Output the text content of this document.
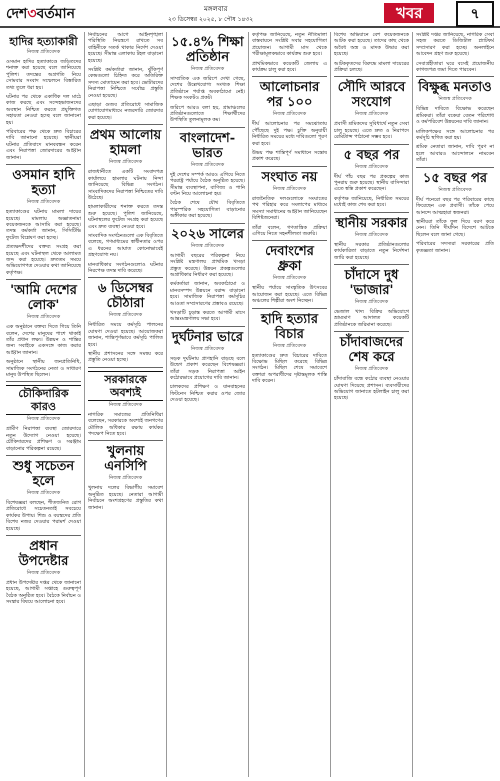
দেশ৩বর্তমান	মঙ্গলবার
২৩ ডিসেম্বর ২০২৫, ৮ পৌষ ১৪৩২	খবর	৭
হাদির হত্যাকারী
নিজস্ব প্রতিবেদক

ওসমান হাদির হত্যাকাণ্ডে জড়িতদের শনাক্ত করা হয়েছে বলে জানিয়েছে পুলিশ। তদন্তের অগ্রগতি নিয়ে সোমবার সংবাদ সম্মেলনে বিস্তারিত তথ্য তুলে ধরা হয়।

ঘটনার পর থেকে একাধিক দল মাঠে কাজ করছে এবং সন্দেহভাজনদের অবস্থান নিশ্চিত করতে প্রযুক্তিগত সহায়তা নেওয়া হচ্ছে বলে জানানো হয়।

পরিবারের পক্ষ থেকে দ্রুত বিচারের দাবি জানানো হয়েছে। স্থানীয়রা ঘটনার প্রতিবাদে মানববন্ধন করেন এবং নিরাপত্তা জোরদারের আহ্বান জানান।

ওসমান হাদি হত্যা
নিজস্ব প্রতিবেদক

হত্যাকাণ্ডের ঘটনায় মামলা দায়ের হয়েছে। মামলায় অজ্ঞাতনামা কয়েকজনকে আসামি করা হয়েছে। তদন্ত কর্মকর্তা জানান, সিসিটিভি ফুটেজ বিশ্লেষণ করা হচ্ছে।

প্রত্যক্ষদর্শীদের বক্তব্য সংগ্রহ করা হয়েছে এবং ঘটনাস্থল থেকে আলামত জব্দ করা হয়েছে। দ্রুততম সময়ে অভিযোগপত্র দেওয়ার কথা জানিয়েছে কর্তৃপক্ষ।

'আমি দেশের লোক'
নিজস্ব প্রতিবেদক

এক অনুষ্ঠানে বক্তব্য দিতে গিয়ে তিনি বলেন, দেশের মানুষের পাশে থাকাই তাঁর প্রধান লক্ষ্য। উন্নয়ন ও শান্তির জন্য সবাইকে একসঙ্গে কাজ করার আহ্বান জানান।

অনুষ্ঠানে স্থানীয় জনপ্রতিনিধি, সামাজিক সংগঠনের নেতা ও সাধারণ মানুষ উপস্থিত ছিলেন।

চৌকিদারিক কারও
নিজস্ব প্রতিবেদক

গ্রামীণ নিরাপত্তা ব্যবস্থা জোরদারে নতুন উদ্যোগ নেওয়া হয়েছে। চৌকিদারদের প্রশিক্ষণ ও সরঞ্জাম বাড়ানোর পরিকল্পনা রয়েছে।

শুধু সচেতন হলে
নিজস্ব প্রতিবেদক

বিশেষজ্ঞরা বলছেন, শীতজনিত রোগ প্রতিরোধে সচেতনতাই সবচেয়ে কার্যকর উপায়। শিশু ও বয়স্কদের প্রতি বিশেষ নজর দেওয়ার পরামর্শ দেওয়া হয়েছে।

প্রধান উপদেষ্টার
নিজস্ব প্রতিবেদক

প্রধান উপদেষ্টার দপ্তর থেকে জানানো হয়েছে, আগামী সপ্তাহে গুরুত্বপূর্ণ বৈঠক অনুষ্ঠিত হবে। বৈঠকে নির্বাচন ও সংস্কার বিষয়ে আলোচনা হবে।

নির্বাচনের আগে আইনশৃঙ্খলা পরিস্থিতি নিয়ন্ত্রণে রাখতে সব বাহিনীকে সতর্ক থাকার নির্দেশ দেওয়া হয়েছে। সীমান্ত এলাকায় টহল বাড়ানো হয়েছে।

সংশ্লিষ্ট কর্মকর্তারা জানান, ঝুঁকিপূর্ণ কেন্দ্রগুলো চিহ্নিত করে অতিরিক্ত সদস্য মোতায়েন করা হবে। ভোটারদের নিরাপত্তা নিশ্চিতে সর্বোচ্চ প্রস্তুতি নেওয়া হয়েছে।

এছাড়া গুজব প্রতিরোধে সামাজিক যোগাযোগমাধ্যমে নজরদারি জোরদার করা হয়েছে।

প্রথম আলোয় হামলা
নিজস্ব প্রতিবেদক

রাজধানীতে একটি সংবাদপত্র কার্যালয়ে হামলার ঘটনায় নিন্দা জানিয়েছে বিভিন্ন সংগঠন। সাংবাদিকদের নিরাপত্তা নিশ্চিতের দাবি উঠেছে।

হামলাকারীদের শনাক্ত করতে তদন্ত শুরু হয়েছে। পুলিশ জানিয়েছে, ঘটনাস্থলের ফুটেজ সংগ্রহ করা হয়েছে এবং দ্রুত ব্যবস্থা নেওয়া হবে।

সাংবাদিক সংগঠনগুলো এক বিবৃতিতে বলেছে, গণমাধ্যমের স্বাধীনতার ওপর এ ধরনের আঘাত কোনোভাবেই গ্রহণযোগ্য নয়।

মানবাধিকার সংগঠনগুলোও ঘটনার নিরপেক্ষ তদন্ত দাবি করেছে।

৬ ডিসেম্বর চৌঠারা
নিজস্ব প্রতিবেদক

নির্ধারিত সময়ে কর্মসূচি পালনের ঘোষণা দেওয়া হয়েছে। আয়োজকরা জানান, শান্তিপূর্ণভাবে কর্মসূচি পালিত হবে।

স্থানীয় প্রশাসনের সঙ্গে সমন্বয় করে প্রস্তুতি নেওয়া হচ্ছে।

সরকারকে অবশ্যই
নিজস্ব প্রতিবেদক

নাগরিক সমাজের প্রতিনিধিরা বলেছেন, সরকারকে অবশ্যই জনগণের মৌলিক অধিকার রক্ষায় কার্যকর পদক্ষেপ নিতে হবে।

খুলনায় এনসিপি
নিজস্ব প্রতিবেদক

খুলনায় দলের বিভাগীয় সমাবেশ অনুষ্ঠিত হয়েছে। নেতারা আগামী নির্বাচনে অংশগ্রহণের প্রস্তুতির কথা জানান।

১৫.৪% শিক্ষা প্রতিষ্ঠান
নিজস্ব প্রতিবেদক

সাম্প্রতিক এক জরিপে দেখা গেছে, দেশের উল্লেখযোগ্য সংখ্যক শিক্ষা প্রতিষ্ঠানে পর্যাপ্ত অবকাঠামো নেই। শিক্ষক সংকটও প্রকট।

জরিপে আরও বলা হয়, গ্রামাঞ্চলের প্রতিষ্ঠানগুলোতে শিক্ষার্থীদের উপস্থিতি তুলনামূলক কম।

বাংলাদেশ-ভারত
নিজস্ব প্রতিবেদক

দুই দেশের সম্পর্ক আরও এগিয়ে নিতে পররাষ্ট্র পর্যায়ে বৈঠক অনুষ্ঠিত হয়েছে। সীমান্ত ব্যবস্থাপনা, বাণিজ্য ও পানি বণ্টন নিয়ে আলোচনা হয়।

বৈঠক শেষে যৌথ বিবৃতিতে পারস্পরিক সহযোগিতা বাড়ানোর অঙ্গীকার করা হয়েছে।

২০২৬ সালের
নিজস্ব প্রতিবেদক

আগামী বছরের পরিকল্পনা নিয়ে সংশ্লিষ্ট মন্ত্রণালয় প্রাথমিক খসড়া প্রস্তুত করেছে। উন্নয়ন প্রকল্পগুলোর অগ্রাধিকার নির্ধারণ করা হয়েছে।

কর্মকর্তারা জানান, অবকাঠামো ও মানবসম্পদ উন্নয়নে বরাদ্দ বাড়ানো হবে। সামাজিক নিরাপত্তা কর্মসূচির আওতা সম্প্রসারণের প্রস্তাবও রয়েছে।

খসড়াটি চূড়ান্ত করতে আগামী মাসে আন্তঃমন্ত্রণালয় সভা হবে।

দুর্ঘটনার ভারে
নিজস্ব প্রতিবেদক

সড়ক দুর্ঘটনায় প্রাণহানি বাড়ছে বলে উদ্বেগ প্রকাশ করেছেন বিশেষজ্ঞরা। তাঁরা সড়ক নিরাপত্তা আইন কঠোরভাবে প্রয়োগের দাবি জানান।

চালকদের প্রশিক্ষণ ও যানবাহনের ফিটনেস নিশ্চিত করার ওপর জোর দেওয়া হয়েছে।

কর্তৃপক্ষ জানিয়েছে, নতুন নীতিমালা বাস্তবায়নে সংশ্লিষ্ট সবার সহযোগিতা প্রয়োজন। আগামী মাস থেকে পরীক্ষামূলকভাবে কার্যক্রম শুরু হবে।

প্রাথমিকভাবে কয়েকটি জেলায় এ কার্যক্রম চালু করা হবে।

আলোচনার পর ১০০
নিজস্ব প্রতিবেদক

দীর্ঘ আলোচনার পর সমঝোতায় পৌঁছেছে দুই পক্ষ। চুক্তি অনুযায়ী নির্ধারিত সময়ের মধ্যে দাবিগুলো পূরণ করা হবে।

উভয় পক্ষ শান্তিপূর্ণ সমাধানে সন্তোষ প্রকাশ করেছে।

সংঘাত নয়
নিজস্ব প্রতিবেদক

রাজনৈতিক দলগুলোকে সংঘাতের পথ পরিহার করে সংলাপের মাধ্যমে সমস্যা সমাধানের আহ্বান জানিয়েছেন বিশিষ্টজনেরা।

তাঁরা বলেন, গণতান্ত্রিক প্রক্রিয়া এগিয়ে নিতে সহনশীলতা জরুরি।

দেবাংশের ধ্রুকা
নিজস্ব প্রতিবেদক

স্থানীয় পর্যায়ে সাংস্কৃতিক উৎসবের আয়োজন করা হয়েছে। এতে বিভিন্ন অঞ্চলের শিল্পীরা অংশ নিচ্ছেন।

হাদি হত্যার বিচার
নিজস্ব প্রতিবেদক

হত্যাকাণ্ডের দ্রুত বিচারের দাবিতে বিক্ষোভ মিছিল করেছে বিভিন্ন সংগঠন। মিছিল শেষে সমাবেশে বক্তারা অপরাধীদের দৃষ্টান্তমূলক শাস্তি দাবি করেন।

বিশেষ অভিযানে বেশ কয়েকজনকে আটক করা হয়েছে। তাদের কাছ থেকে অবৈধ অস্ত্র ও মাদক উদ্ধার করা হয়েছে।

আটককৃতদের বিরুদ্ধে মামলা দায়েরের প্রক্রিয়া চলছে।

সৌদি আরবে সংযোগ
নিজস্ব প্রতিবেদক

প্রবাসী শ্রমিকদের সুবিধার্থে নতুন সেবা চালু হয়েছে। এতে দ্রুত ও নিরাপদে রেমিট্যান্স পাঠানো সম্ভব হবে।

৫ বছর পর
নিজস্ব প্রতিবেদক

দীর্ঘ পাঁচ বছর পর প্রকল্পের কাজ পুনরায় শুরু হয়েছে। স্থানীয় বাসিন্দারা এতে স্বস্তি প্রকাশ করেছেন।

কর্তৃপক্ষ জানিয়েছে, নির্ধারিত সময়ের মধ্যেই কাজ শেষ করা হবে।

স্থানীয় সরকার
নিজস্ব প্রতিবেদক

স্থানীয় সরকার প্রতিষ্ঠানগুলোর কার্যকারিতা বাড়াতে নতুন নির্দেশনা জারি করা হয়েছে।

চাঁদাসে দুধ 'ভাজার'
নিজস্ব প্রতিবেদক

ভেজাল খাদ্য বিক্রির অভিযোগে ভ্রাম্যমাণ আদালত কয়েকটি প্রতিষ্ঠানকে জরিমানা করেছে।

চাঁদাবাজদের শেষ করে
নিজস্ব প্রতিবেদক

চাঁদাবাজি বন্ধে কঠোর ব্যবস্থা নেওয়ার ঘোষণা দিয়েছে প্রশাসন। ব্যবসায়ীদের অভিযোগ জানাতে হটলাইন চালু করা হয়েছে।

সংশ্লিষ্ট দপ্তর জানিয়েছে, নাগরিক সেবা সহজ করতে ডিজিটাল প্ল্যাটফর্ম সম্প্রসারণ করা হচ্ছে। অনলাইনে আবেদন গ্রহণ শুরু হয়েছে।

সেবাগ্রহীতারা ঘরে বসেই প্রয়োজনীয় কাগজপত্র জমা দিতে পারবেন।

বিক্ষুব্ধ মনতাও
নিজস্ব প্রতিবেদক

বিভিন্ন দাবিতে বিক্ষোভ করেছেন শ্রমিকরা। তাঁরা বকেয়া বেতন পরিশোধ ও কর্মপরিবেশ উন্নয়নের দাবি জানান।

মালিকপক্ষের সঙ্গে আলোচনার পর কর্মসূচি স্থগিত করা হয়।

শ্রমিক নেতারা জানান, দাবি পূরণ না হলে আবারও আন্দোলনে নামবেন তাঁরা।

১৫ বছর পর
নিজস্ব প্রতিবেদক

দীর্ঘ পনেরো বছর পর পরিবারের কাছে ফিরেছেন এক প্রবাসী। তাঁকে পেয়ে আনন্দে আত্মহারা স্বজনরা।

স্থানীয়রা তাঁকে ফুল দিয়ে বরণ করে নেন। তিনি দীর্ঘদিন বিদেশে আটকে ছিলেন বলে জানা গেছে।

পরিবারের সদস্যরা সরকারের প্রতি কৃতজ্ঞতা জানান।
